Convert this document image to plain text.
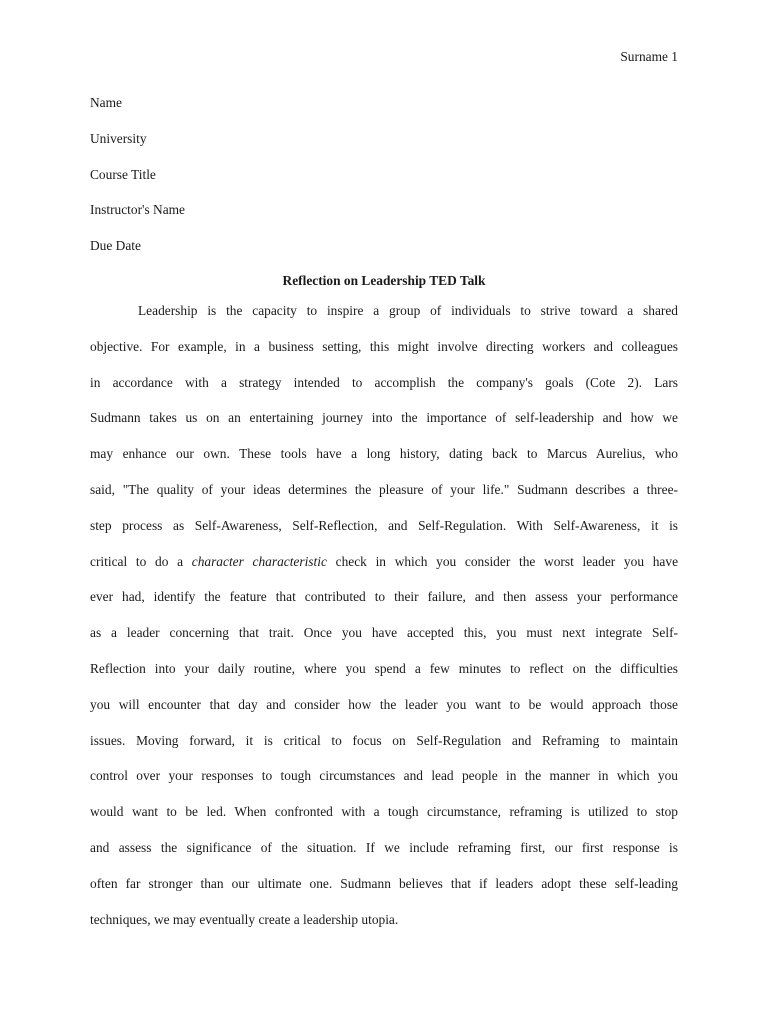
Surname 1
Name
University
Course Title
Instructor's Name
Due Date
Reflection on Leadership TED Talk
Leadership is the capacity to inspire a group of individuals to strive toward a shared
objective. For example, in a business setting, this might involve directing workers and colleagues
in accordance with a strategy intended to accomplish the company's goals (Cote 2). Lars
Sudmann takes us on an entertaining journey into the importance of self-leadership and how we
may enhance our own. These tools have a long history, dating back to Marcus Aurelius, who
said, "The quality of your ideas determines the pleasure of your life." Sudmann describes a three-
step process as Self-Awareness, Self-Reflection, and Self-Regulation. With Self-Awareness, it is
critical to do a character characteristic check in which you consider the worst leader you have
ever had, identify the feature that contributed to their failure, and then assess your performance
as a leader concerning that trait. Once you have accepted this, you must next integrate Self-
Reflection into your daily routine, where you spend a few minutes to reflect on the difficulties
you will encounter that day and consider how the leader you want to be would approach those
issues. Moving forward, it is critical to focus on Self-Regulation and Reframing to maintain
control over your responses to tough circumstances and lead people in the manner in which you
would want to be led. When confronted with a tough circumstance, reframing is utilized to stop
and assess the significance of the situation. If we include reframing first, our first response is
often far stronger than our ultimate one. Sudmann believes that if leaders adopt these self-leading
techniques, we may eventually create a leadership utopia.
